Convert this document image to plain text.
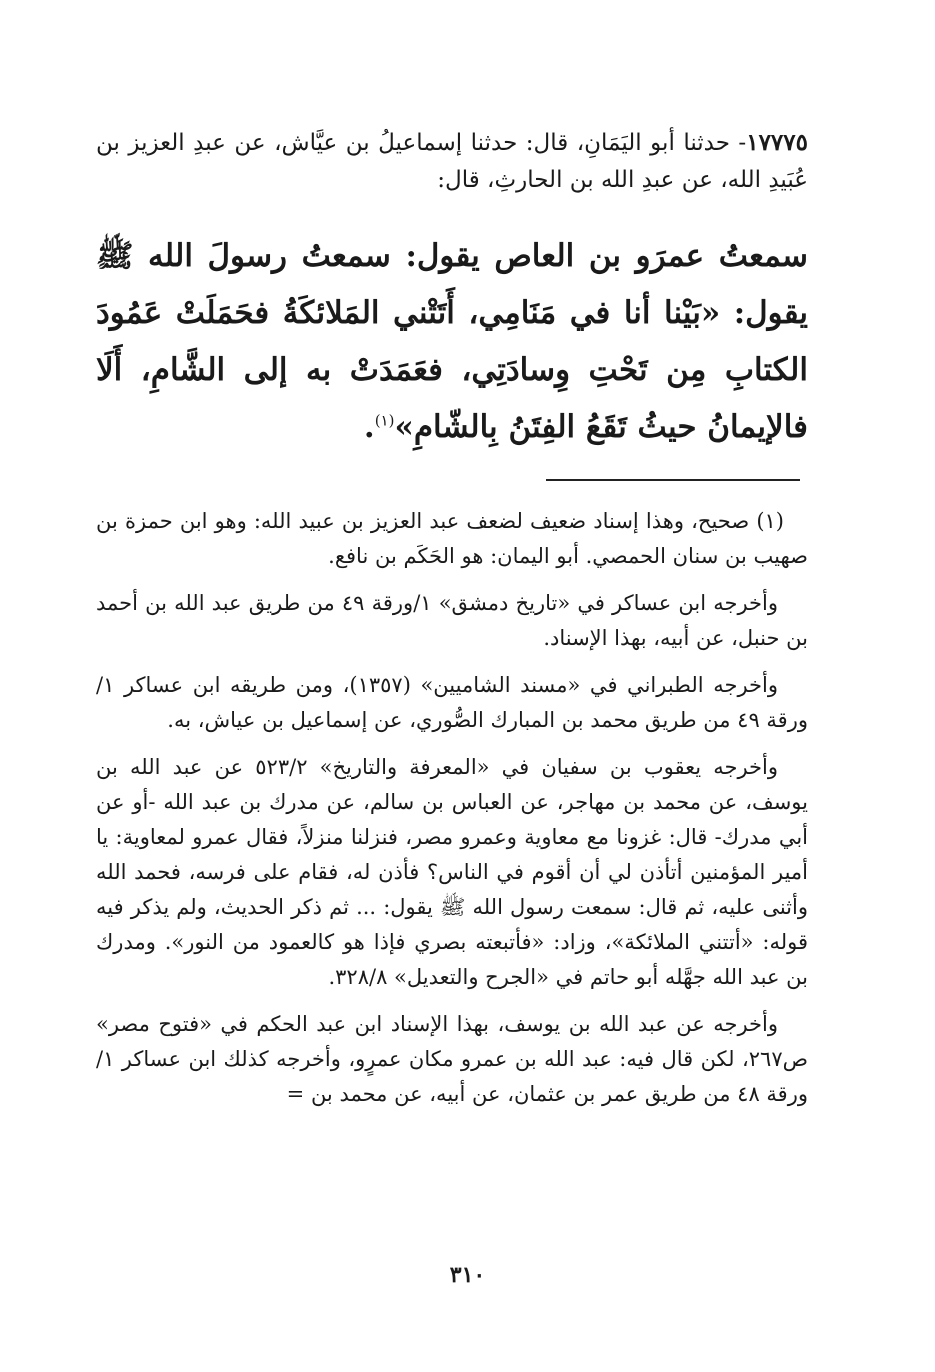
١٧٧٧٥- حدثنا أبو اليَمَانِ، قال: حدثنا إسماعيلُ بن عيَّاش، عن عبدِ العزيز بن عُبَيدِ الله، عن عبدِ الله بن الحارثِ، قال:
سمعتُ عمرَو بن العاص يقول: سمعتُ رسولَ الله ﷺ يقول: «بَيْنا أنا في مَنَامِي، أَتَتْني المَلائكَةُ فحَمَلَتْ عَمُودَ الكتابِ مِن تَحْتِ وِسادَتِي، فعَمَدَتْ به إلى الشَّامِ، أَلَا فالإيمانُ حيثُ تَقَعُ الفِتَنُ بِالشّامِ»$^{(١)}$.

(١) صحيح، وهذا إسناد ضعيف لضعف عبد العزيز بن عبيد الله: وهو ابن حمزة بن صهيب بن سنان الحمصي. أبو اليمان: هو الحَكَم بن نافع.

وأخرجه ابن عساكر في «تاريخ دمشق» ١/ورقة ٤٩ من طريق عبد الله بن أحمد بن حنبل، عن أبيه، بهذا الإسناد.

وأخرجه الطبراني في «مسند الشاميين» (١٣٥٧)، ومن طريقه ابن عساكر ١/ورقة ٤٩ من طريق محمد بن المبارك الصُّوري، عن إسماعيل بن عياش، به.

وأخرجه يعقوب بن سفيان في «المعرفة والتاريخ» ٥٢٣/٢ عن عبد الله بن يوسف، عن محمد بن مهاجر، عن العباس بن سالم، عن مدرك بن عبد الله -أو عن أبي مدرك- قال: غزونا مع معاوية وعمرو مصر، فنزلنا منزلاً، فقال عمرو لمعاوية: يا أمير المؤمنين أتأذن لي أن أقوم في الناس؟ فأذن له، فقام على فرسه، فحمد الله وأثنى عليه، ثم قال: سمعت رسول الله ﷺ يقول: ... ثم ذكر الحديث، ولم يذكر فيه قوله: «أتتني الملائكة»، وزاد: «فأتبعته بصري فإذا هو كالعمود من النور». ومدرك بن عبد الله جهَّله أبو حاتم في «الجرح والتعديل» ٣٢٨/٨.

وأخرجه عن عبد الله بن يوسف، بهذا الإسناد ابن عبد الحكم في «فتوح مصر» ص٢٦٧، لكن قال فيه: عبد الله بن عمرو مكان عمرٍو، وأخرجه كذلك ابن عساكر ١/ورقة ٤٨ من طريق عمر بن عثمان، عن أبيه، عن محمد بن =

٣١٠
